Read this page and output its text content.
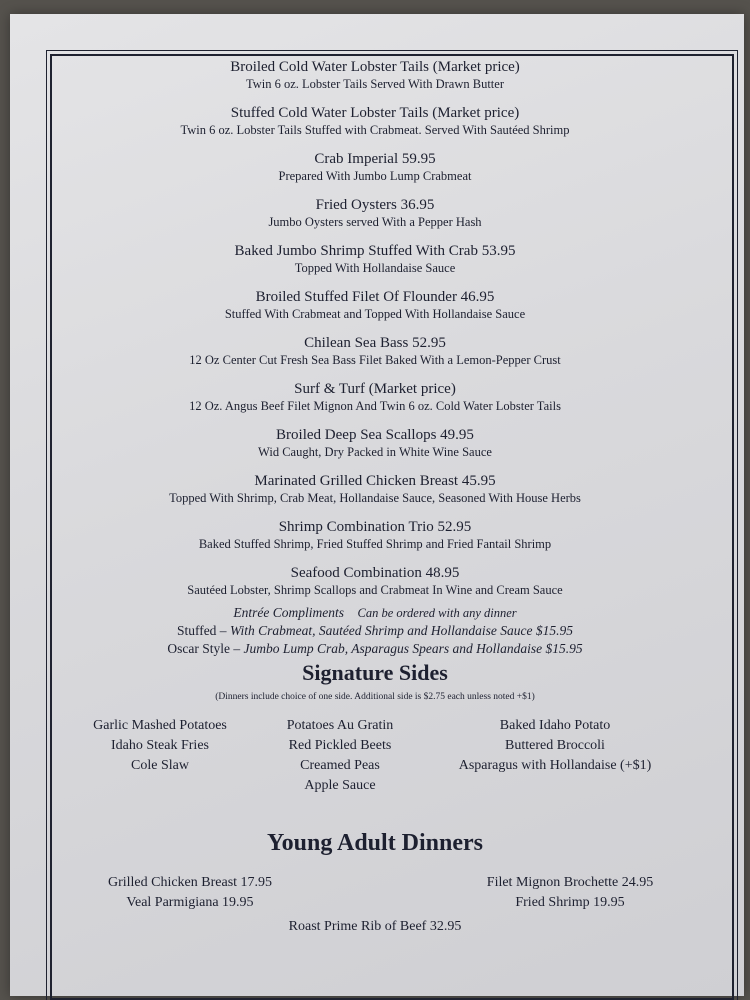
Broiled Cold Water Lobster Tails (Market price)
Twin 6 oz. Lobster Tails Served With Drawn Butter
Stuffed Cold Water Lobster Tails (Market price)
Twin 6 oz. Lobster Tails Stuffed with Crabmeat. Served With Sautéed Shrimp
Crab Imperial 59.95
Prepared With Jumbo Lump Crabmeat
Fried Oysters 36.95
Jumbo Oysters served With a Pepper Hash
Baked Jumbo Shrimp Stuffed With Crab 53.95
Topped With Hollandaise Sauce
Broiled Stuffed Filet Of Flounder 46.95
Stuffed With Crabmeat and Topped With Hollandaise Sauce
Chilean Sea Bass 52.95
12 Oz Center Cut Fresh Sea Bass Filet Baked With a Lemon-Pepper Crust
Surf & Turf (Market price)
12 Oz. Angus Beef Filet Mignon And Twin 6 oz. Cold Water Lobster Tails
Broiled Deep Sea Scallops 49.95
Wid Caught, Dry Packed in White Wine Sauce
Marinated Grilled Chicken Breast 45.95
Topped With Shrimp, Crab Meat, Hollandaise Sauce, Seasoned With House Herbs
Shrimp Combination Trio 52.95
Baked Stuffed Shrimp, Fried Stuffed Shrimp and Fried Fantail Shrimp
Seafood Combination 48.95
Sautéed Lobster, Shrimp Scallops and Crabmeat In Wine and Cream Sauce
Entrée Compliments Can be ordered with any dinner
Stuffed – With Crabmeat, Sautéed Shrimp and Hollandaise Sauce $15.95
Oscar Style – Jumbo Lump Crab, Asparagus Spears and Hollandaise $15.95
Signature Sides
(Dinners include choice of one side. Additional side is $2.75 each unless noted +$1)
Garlic Mashed Potatoes
Idaho Steak Fries
Cole Slaw
Potatoes Au Gratin
Red Pickled Beets
Creamed Peas
Apple Sauce
Baked Idaho Potato
Buttered Broccoli
Asparagus with Hollandaise (+$1)
Young Adult Dinners
Grilled Chicken Breast 17.95
Veal Parmigiana 19.95
Filet Mignon Brochette 24.95
Fried Shrimp 19.95
Roast Prime Rib of Beef 32.95
